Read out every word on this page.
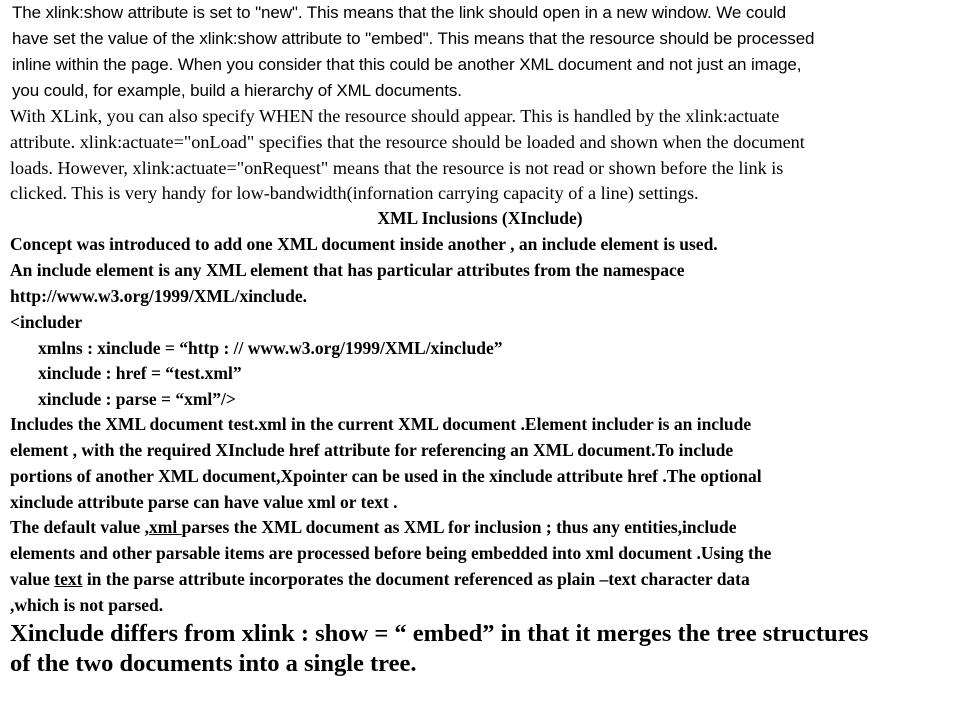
The xlink:show attribute is set to "new". This means that the link should open in a new window. We could
have set the value of the xlink:show attribute to "embed". This means that the resource should be processed
inline within the page. When you consider that this could be another XML document and not just an image,
you could, for example, build a hierarchy of XML documents.
With XLink, you can also specify WHEN the resource should appear. This is handled by the xlink:actuate
attribute. xlink:actuate="onLoad" specifies that the resource should be loaded and shown when the document
loads. However, xlink:actuate="onRequest" means that the resource is not read or shown before the link is
clicked. This is very handy for low-bandwidth(infornation carrying capacity of a line) settings.
XML Inclusions (XInclude)
Concept was introduced to add one XML document inside another , an include element is used.
An include element is any XML element that has particular attributes from the namespace
http://www.w3.org/1999/XML/xinclude.
<includer
xmlns : xinclude = “http : // www.w3.org/1999/XML/xinclude”
xinclude : href = “test.xml”
xinclude : parse = “xml”/>
Includes the XML document test.xml in the current XML document .Element includer is an include
element , with the required XInclude href attribute for referencing an XML document.To include
portions of another XML document,Xpointer can be used in the xinclude attribute href .The optional
xinclude attribute parse can have value xml or text .
The default value ,xml parses the XML document as XML for inclusion ; thus any entities,include
elements and other parsable items are processed before being embedded into xml document .Using the
value text in the parse attribute incorporates the document referenced as plain –text character data
,which is not parsed.
Xinclude differs from xlink : show = “ embed” in that it merges the tree structures
of the two documents into a single tree.
